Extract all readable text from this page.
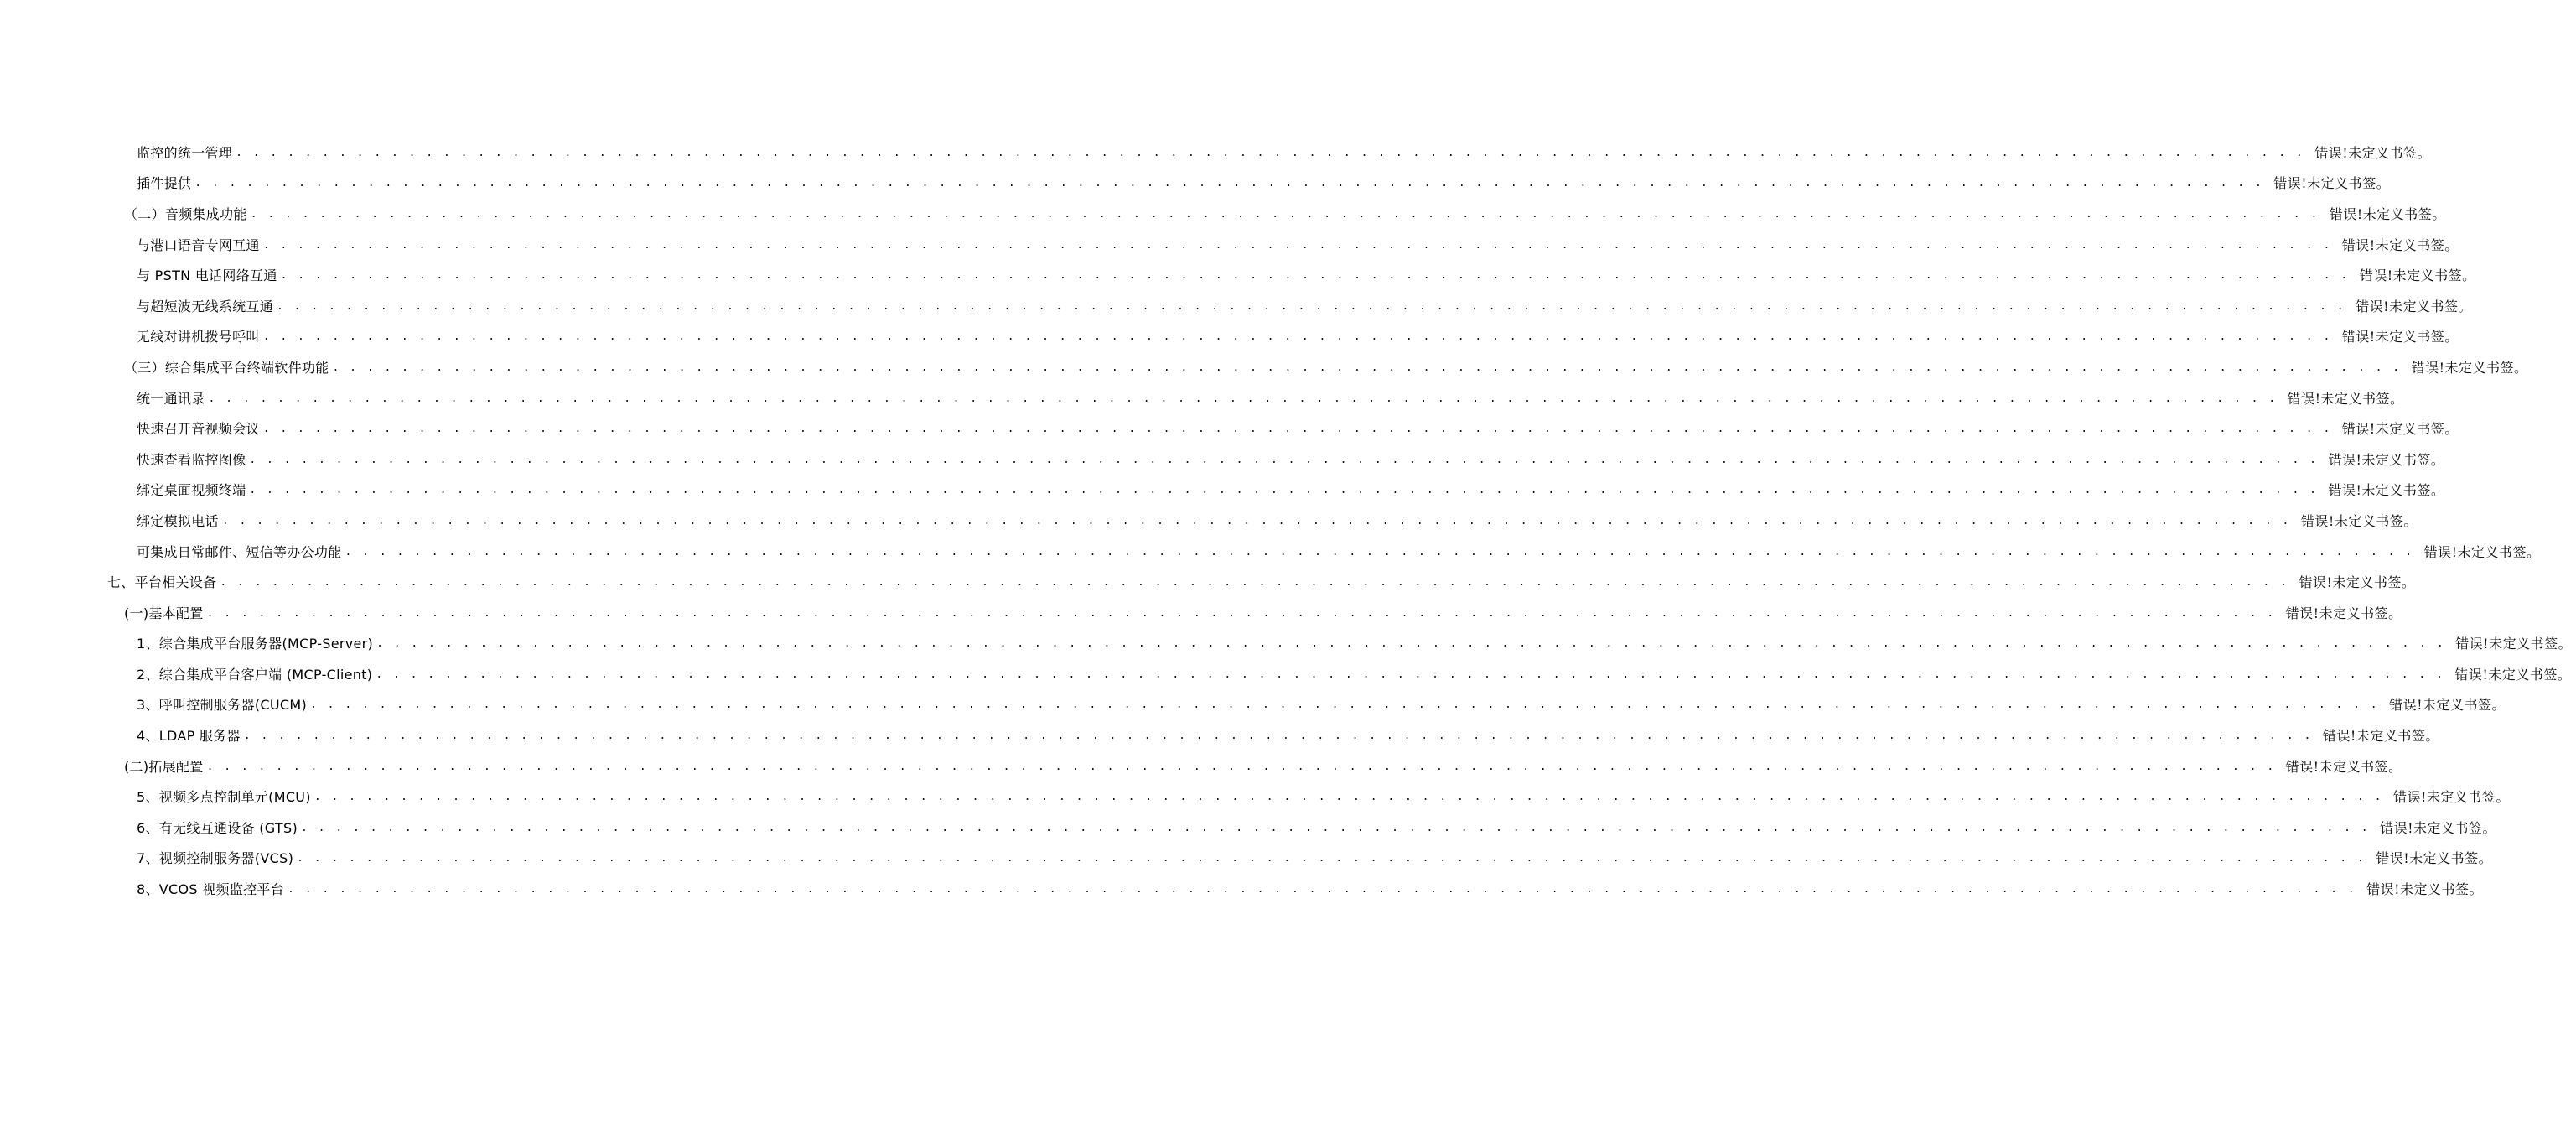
监控的统一管理 . . . . . . . . . . . . . . . . . . . . . . . . . . . . . . . . . . . . . . . . . . . . . . . . . . . . . . . . . . . . . . . . . . . . . . . . . . . . . . . . . . . . . . . . . . . . . . . . . . . . . . . . . . . . . . . . . . . . . . . . 错误!未定义书签。
插件提供 . . . . . . . . . . . . . . . . . . . . . . . . . . . . . . . . . . . . . . . . . . . . . . . . . . . . . . . . . . . . . . . . . . . . . . . . . . . . . . . . . . . . . . . . . . . . . . . . . . . . . . . . . . . . . . . . . . . . . . . . 错误!未定义书签。
（二）音频集成功能 . . . . . . . . . . . . . . . . . . . . . . . . . . . . . . . . . . . . . . . . . . . . . . . . . . . . . . . . . . . . . . . . . . . . . . . . . . . . . . . . . . . . . . . . . . . . . . . . . . . . . . . . . . . . . . . . . . . . . . . . 错误!未定义书签。
与港口语音专网互通 . . . . . . . . . . . . . . . . . . . . . . . . . . . . . . . . . . . . . . . . . . . . . . . . . . . . . . . . . . . . . . . . . . . . . . . . . . . . . . . . . . . . . . . . . . . . . . . . . . . . . . . . . . . . . . . . . . . . . . . . 错误!未定义书签。
与 PSTN 电话网络互通 . . . . . . . . . . . . . . . . . . . . . . . . . . . . . . . . . . . . . . . . . . . . . . . . . . . . . . . . . . . . . . . . . . . . . . . . . . . . . . . . . . . . . . . . . . . . . . . . . . . . . . . . . . . . . . . . . . . . . . . . 错误!未定义书签。
与超短波无线系统互通 . . . . . . . . . . . . . . . . . . . . . . . . . . . . . . . . . . . . . . . . . . . . . . . . . . . . . . . . . . . . . . . . . . . . . . . . . . . . . . . . . . . . . . . . . . . . . . . . . . . . . . . . . . . . . . . . . . . . . . . . 错误!未定义书签。
无线对讲机拨号呼叫 . . . . . . . . . . . . . . . . . . . . . . . . . . . . . . . . . . . . . . . . . . . . . . . . . . . . . . . . . . . . . . . . . . . . . . . . . . . . . . . . . . . . . . . . . . . . . . . . . . . . . . . . . . . . . . . . . . . . . . . . 错误!未定义书签。
（三）综合集成平台终端软件功能 . . . . . . . . . . . . . . . . . . . . . . . . . . . . . . . . . . . . . . . . . . . . . . . . . . . . . . . . . . . . . . . . . . . . . . . . . . . . . . . . . . . . . . . . . . . . . . . . . . . . . . . . . . . . . . . . . . . . . . . . 错误!未定义书签。
统一通讯录 . . . . . . . . . . . . . . . . . . . . . . . . . . . . . . . . . . . . . . . . . . . . . . . . . . . . . . . . . . . . . . . . . . . . . . . . . . . . . . . . . . . . . . . . . . . . . . . . . . . . . . . . . . . . . . . . . . . . . . . . 错误!未定义书签。
快速召开音视频会议 . . . . . . . . . . . . . . . . . . . . . . . . . . . . . . . . . . . . . . . . . . . . . . . . . . . . . . . . . . . . . . . . . . . . . . . . . . . . . . . . . . . . . . . . . . . . . . . . . . . . . . . . . . . . . . . . . . . . . . . . 错误!未定义书签。
快速查看监控图像 . . . . . . . . . . . . . . . . . . . . . . . . . . . . . . . . . . . . . . . . . . . . . . . . . . . . . . . . . . . . . . . . . . . . . . . . . . . . . . . . . . . . . . . . . . . . . . . . . . . . . . . . . . . . . . . . . . . . . . . . 错误!未定义书签。
绑定桌面视频终端 . . . . . . . . . . . . . . . . . . . . . . . . . . . . . . . . . . . . . . . . . . . . . . . . . . . . . . . . . . . . . . . . . . . . . . . . . . . . . . . . . . . . . . . . . . . . . . . . . . . . . . . . . . . . . . . . . . . . . . . . 错误!未定义书签。
绑定模拟电话 . . . . . . . . . . . . . . . . . . . . . . . . . . . . . . . . . . . . . . . . . . . . . . . . . . . . . . . . . . . . . . . . . . . . . . . . . . . . . . . . . . . . . . . . . . . . . . . . . . . . . . . . . . . . . . . . . . . . . . . . 错误!未定义书签。
可集成日常邮件、短信等办公功能 . . . . . . . . . . . . . . . . . . . . . . . . . . . . . . . . . . . . . . . . . . . . . . . . . . . . . . . . . . . . . . . . . . . . . . . . . . . . . . . . . . . . . . . . . . . . . . . . . . . . . . . . . . . . . . . . . . . . . . . . 错误!未定义书签。
七、平台相关设备 . . . . . . . . . . . . . . . . . . . . . . . . . . . . . . . . . . . . . . . . . . . . . . . . . . . . . . . . . . . . . . . . . . . . . . . . . . . . . . . . . . . . . . . . . . . . . . . . . . . . . . . . . . . . . . . . . . . . . . . . 错误!未定义书签。
(一)基本配置 . . . . . . . . . . . . . . . . . . . . . . . . . . . . . . . . . . . . . . . . . . . . . . . . . . . . . . . . . . . . . . . . . . . . . . . . . . . . . . . . . . . . . . . . . . . . . . . . . . . . . . . . . . . . . . . . . . . . . . . . 错误!未定义书签。
1、综合集成平台服务器(MCP-Server) . . . . . . . . . . . . . . . . . . . . . . . . . . . . . . . . . . . . . . . . . . . . . . . . . . . . . . . . . . . . . . . . . . . . . . . . . . . . . . . . . . . . . . . . . . . . . . . . . . . . . . . . . . . . . . . . . . . . . . . . 错误!未定义书签。
2、综合集成平台客户端 (MCP-Client) . . . . . . . . . . . . . . . . . . . . . . . . . . . . . . . . . . . . . . . . . . . . . . . . . . . . . . . . . . . . . . . . . . . . . . . . . . . . . . . . . . . . . . . . . . . . . . . . . . . . . . . . . . . . . . . . . . . . . . . . 错误!未定义书签。
3、呼叫控制服务器(CUCM) . . . . . . . . . . . . . . . . . . . . . . . . . . . . . . . . . . . . . . . . . . . . . . . . . . . . . . . . . . . . . . . . . . . . . . . . . . . . . . . . . . . . . . . . . . . . . . . . . . . . . . . . . . . . . . . . . . . . . . . . 错误!未定义书签。
4、LDAP 服务器 . . . . . . . . . . . . . . . . . . . . . . . . . . . . . . . . . . . . . . . . . . . . . . . . . . . . . . . . . . . . . . . . . . . . . . . . . . . . . . . . . . . . . . . . . . . . . . . . . . . . . . . . . . . . . . . . . . . . . . . . 错误!未定义书签。
(二)拓展配置 . . . . . . . . . . . . . . . . . . . . . . . . . . . . . . . . . . . . . . . . . . . . . . . . . . . . . . . . . . . . . . . . . . . . . . . . . . . . . . . . . . . . . . . . . . . . . . . . . . . . . . . . . . . . . . . . . . . . . . . . 错误!未定义书签。
5、视频多点控制单元(MCU) . . . . . . . . . . . . . . . . . . . . . . . . . . . . . . . . . . . . . . . . . . . . . . . . . . . . . . . . . . . . . . . . . . . . . . . . . . . . . . . . . . . . . . . . . . . . . . . . . . . . . . . . . . . . . . . . . . . . . . . . 错误!未定义书签。
6、有无线互通设备 (GTS) . . . . . . . . . . . . . . . . . . . . . . . . . . . . . . . . . . . . . . . . . . . . . . . . . . . . . . . . . . . . . . . . . . . . . . . . . . . . . . . . . . . . . . . . . . . . . . . . . . . . . . . . . . . . . . . . . . . . . . . . 错误!未定义书签。
7、视频控制服务器(VCS) . . . . . . . . . . . . . . . . . . . . . . . . . . . . . . . . . . . . . . . . . . . . . . . . . . . . . . . . . . . . . . . . . . . . . . . . . . . . . . . . . . . . . . . . . . . . . . . . . . . . . . . . . . . . . . . . . . . . . . . . 错误!未定义书签。
8、VCOS 视频监控平台 . . . . . . . . . . . . . . . . . . . . . . . . . . . . . . . . . . . . . . . . . . . . . . . . . . . . . . . . . . . . . . . . . . . . . . . . . . . . . . . . . . . . . . . . . . . . . . . . . . . . . . . . . . . . . . . . . . . . . . . . 错误!未定义书签。
